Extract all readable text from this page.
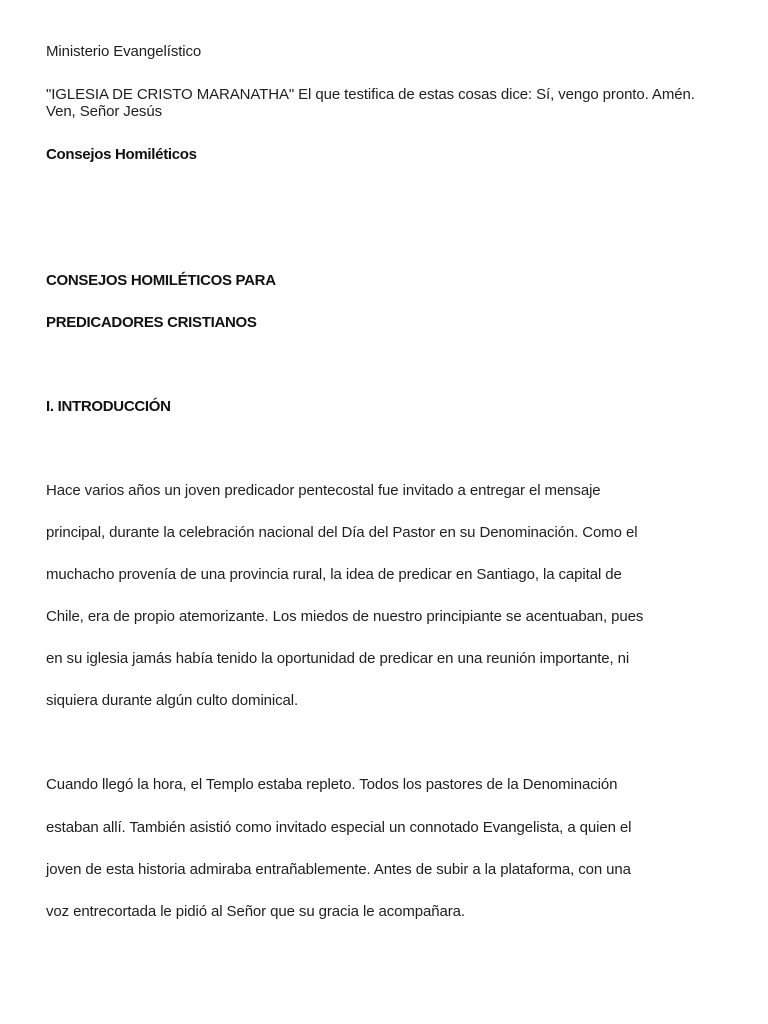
Ministerio Evangelístico
"IGLESIA DE CRISTO MARANATHA" El que testifica de estas cosas dice: Sí, vengo pronto. Amén.
Ven, Señor Jesús
Consejos Homiléticos
CONSEJOS HOMILÉTICOS PARA
PREDICADORES CRISTIANOS
I. INTRODUCCIÓN
Hace varios años un joven predicador pentecostal fue invitado a entregar el mensaje
principal, durante la celebración nacional del Día del Pastor en su Denominación. Como el
muchacho provenía de una provincia rural, la idea de predicar en Santiago, la capital de
Chile, era de propio atemorizante. Los miedos de nuestro principiante se acentuaban, pues
en su iglesia jamás había tenido la oportunidad de predicar en una reunión importante, ni
siquiera durante algún culto dominical.
Cuando llegó la hora, el Templo estaba repleto. Todos los pastores de la Denominación
estaban allí. También asistió como invitado especial un connotado Evangelista, a quien el
joven de esta historia admiraba entrañablemente. Antes de subir a la plataforma, con una
voz entrecortada le pidió al Señor que su gracia le acompañara.
